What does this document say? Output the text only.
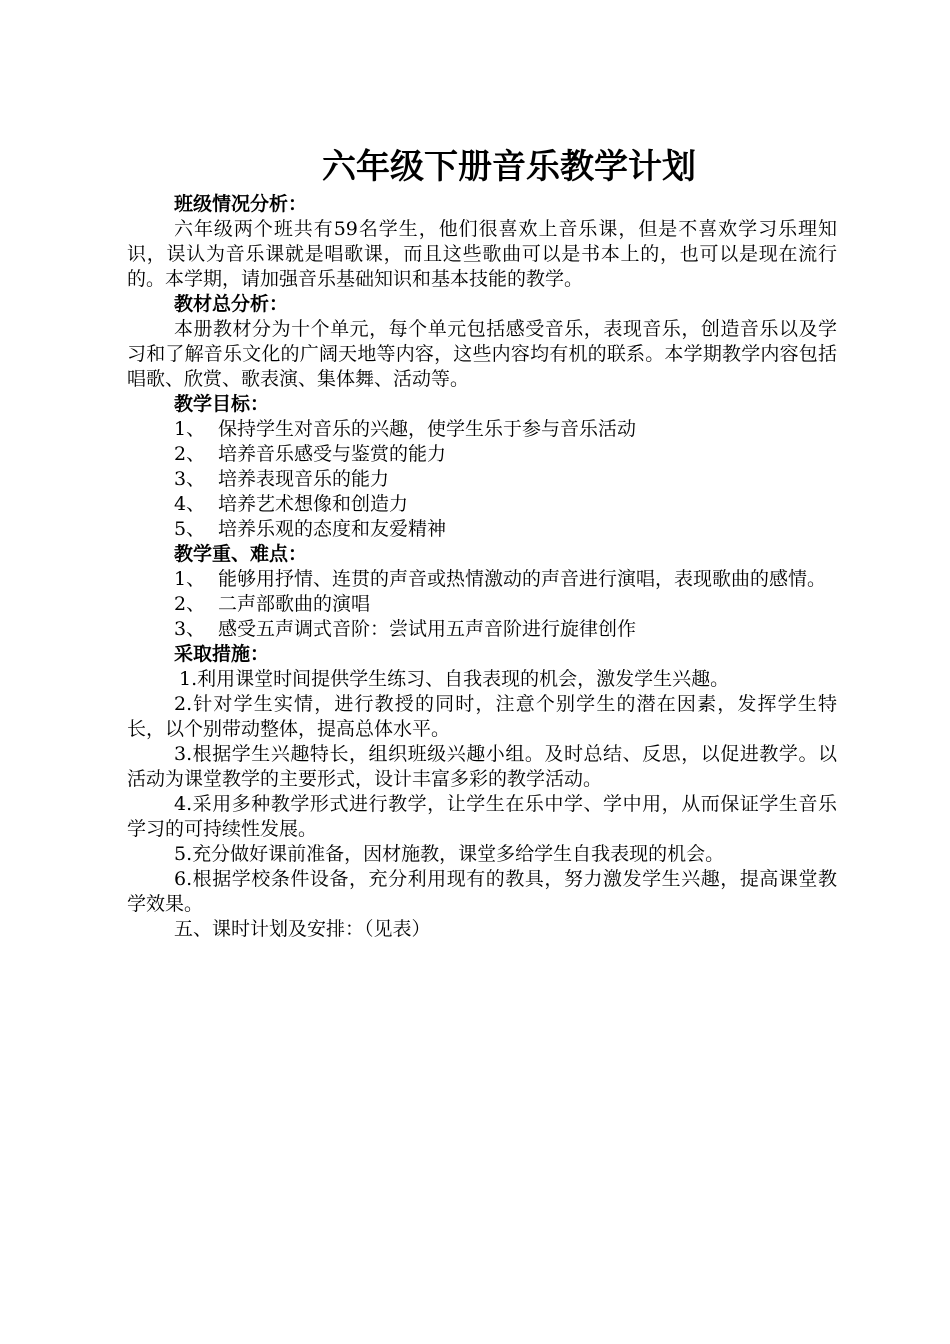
六年级下册音乐教学计划
班级情况分析：

六年级两个班共有59名学生，他们很喜欢上音乐课，但是不喜欢学习乐理知识，误认为音乐课就是唱歌课，而且这些歌曲可以是书本上的，也可以是现在流行的。本学期，请加强音乐基础知识和基本技能的教学。

教材总分析：

本册教材分为十个单元，每个单元包括感受音乐，表现音乐，创造音乐以及学习和了解音乐文化的广阔天地等内容，这些内容均有机的联系。本学期教学内容包括唱歌、欣赏、歌表演、集体舞、活动等。

教学目标：
1、 保持学生对音乐的兴趣，使学生乐于参与音乐活动
2、 培养音乐感受与鉴赏的能力
3、 培养表现音乐的能力
4、 培养艺术想像和创造力
5、 培养乐观的态度和友爱精神
教学重、难点：
1、 能够用抒情、连贯的声音或热情激动的声音进行演唱，表现歌曲的感情。
2、 二声部歌曲的演唱
3、 感受五声调式音阶：尝试用五声音阶进行旋律创作
采取措施：
1.利用课堂时间提供学生练习、自我表现的机会，激发学生兴趣。
2.针对学生实情，进行教授的同时，注意个别学生的潜在因素，发挥学生特长，以个别带动整体，提高总体水平。
3.根据学生兴趣特长，组织班级兴趣小组。及时总结、反思，以促进教学。以活动为课堂教学的主要形式，设计丰富多彩的教学活动。
4.采用多种教学形式进行教学，让学生在乐中学、学中用，从而保证学生音乐学习的可持续性发展。
5.充分做好课前准备，因材施教，课堂多给学生自我表现的机会。
6.根据学校条件设备，充分利用现有的教具，努力激发学生兴趣，提高课堂教学效果。
五、课时计划及安排：（见表）
